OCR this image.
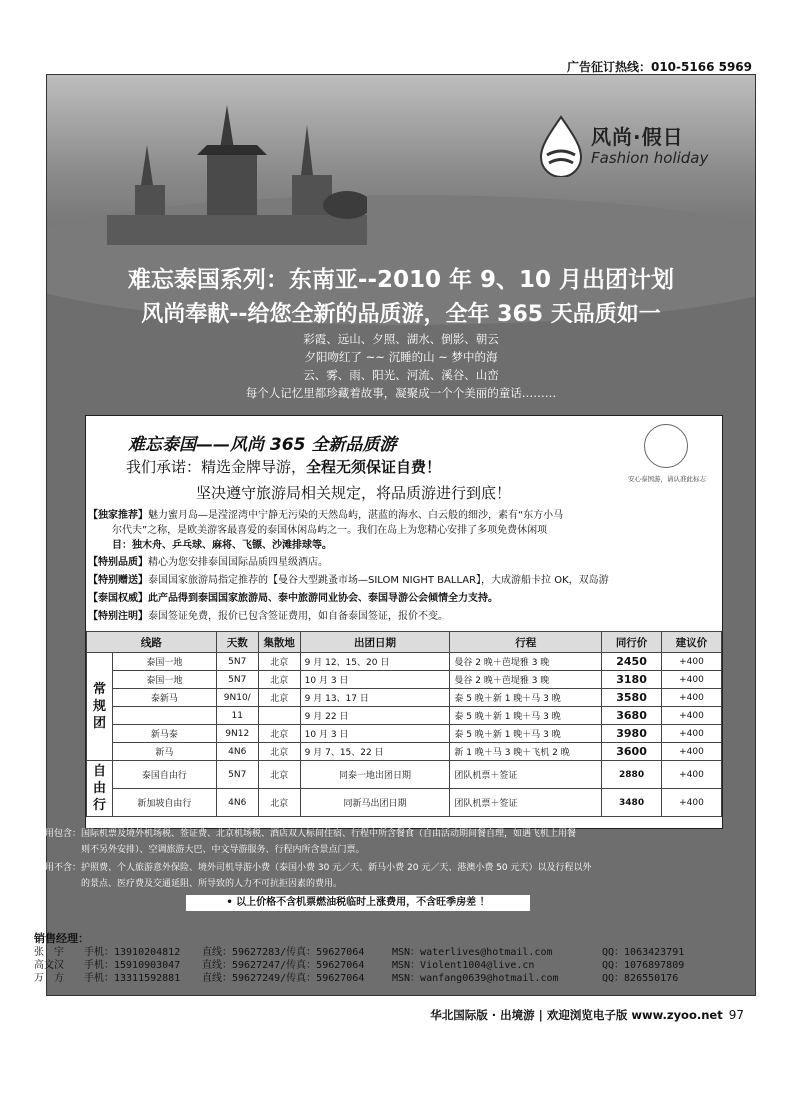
广告征订热线：010-5166 5969
风尚·假日
Fashion holiday
难忘泰国系列：东南亚--2010 年 9、10 月出团计划
风尚奉献--给您全新的品质游，全年 365 天品质如一
彩霞、远山、夕照、湖水、倒影、朝云
夕阳吻红了 ~~ 沉睡的山 ~ 梦中的海
云、雾、雨、阳光、河流、溪谷、山峦
每个人记忆里都珍藏着故事，凝聚成一个个美丽的童话………
难忘泰国——风尚 365 全新品质游
安心泰国游，请认准此标志
我们承诺：精选金牌导游，全程无须保证自费！
坚决遵守旅游局相关规定，将品质游进行到底！
【独家推荐】魅力蜜月岛—是滢涩湾中宁静无污染的天然岛屿，湛蓝的海水、白云般的细沙，素有“东方小马
尔代夫”之称，是欧美游客最喜爱的泰国休闲岛屿之一。我们在岛上为您精心安排了多项免费休闲项
目：独木舟、乒乓球、麻将、飞镖、沙滩排球等。
【特别品质】精心为您安排泰国国际品质四星级酒店。
【特别赠送】泰国国家旅游局指定推荐的【曼谷大型跳蚤市场—SILOM NIGHT BALLAR】，大成游船卡拉 OK，双岛游
【泰国权威】此产品得到泰国国家旅游局、泰中旅游同业协会、泰国导游公会倾情全力支持。
【特别注明】泰国签证免费，报价已包含签证费用，如自备泰国签证，报价不变。
线路		天数	集散地	出团日期	行程	同行价	建议价
常规团	泰国一地	5N7	北京	9 月 12、15、20 日	曼谷 2 晚＋芭堤雅 3 晚	2450	+400
	泰国一地	5N7	北京	10 月 3 日	曼谷 2 晚＋芭堤雅 3 晚	3180	+400
	泰新马	9N10/	北京	9 月 13、17 日	泰 5 晚＋新 1 晚＋马 3 晚	3580	+400
		11		9 月 22 日	泰 5 晚＋新 1 晚＋马 3 晚	3680	+400
	新马泰	9N12	北京	10 月 3 日	泰 5 晚＋新 1 晚＋马 3 晚	3980	+400
	新马	4N6	北京	9 月 7、15、22 日	新 1 晚＋马 3 晚＋飞机 2 晚	3600	+400
自由行	泰国自由行	5N7	北京	同泰一地出团日期	团队机票＋签证	2880	+400
	新加坡自由行	4N6	北京	同新马出团日期	团队机票＋签证	3480	+400
费用包含：国际机票及境外机场税、签证费、北京机场税、酒店双人标间住宿、行程中所含餐食（自由活动期间餐自理，如遇飞机上用餐
　　　　　则不另外安排）、空调旅游大巴、中文导游服务、行程内所含景点门票。
费用不含：护照费、个人旅游意外保险、境外司机导游小费（泰国小费 30 元／天、新马小费 20 元／天、港澳小费 50 元天）以及行程以外
　　　　　的景点、医疗费及交通延阻、所导致的人力不可抗拒因素的费用。
• 以上价格不含机票燃油税临时上涨费用，不含旺季房差 ！
销售经理：
张　宇 手机：13910204812 直线：59627283/传真：59627064	MSN：waterlives@hotmail.com	QQ：1063423791
高文汉 手机：15910903047 直线：59627247/传真：59627064	MSN：Violent1004@live.cn	QQ：1076897809
万　方 手机：13311592881 直线：59627249/传真：59627064	MSN：wanfang0639@hotmail.com	QQ：826550176
华北国际版 · 出境游 | 欢迎浏览电子版 www.zyoo.net 97
